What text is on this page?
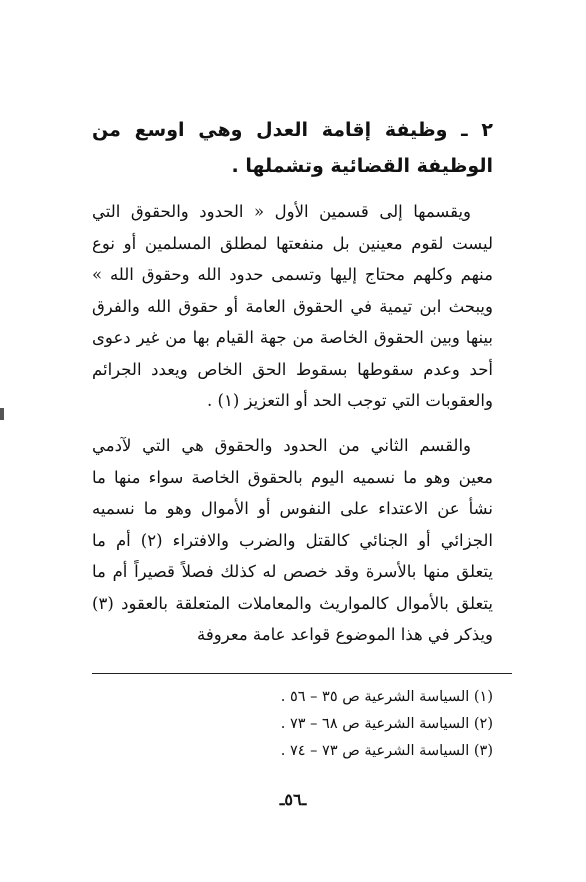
٢ ـ وظيفة إقامة العدل وهي اوسع من الوظيفة القضائية وتشملها .

ويقسمها إلى قسمين الأول « الحدود والحقوق التي ليست لقوم معينين بل منفعتها لمطلق المسلمين أو نوع منهم وكلهم محتاج إليها وتسمى حدود الله وحقوق الله » ويبحث ابن تيمية في الحقوق العامة أو حقوق الله والفرق بينها وبين الحقوق الخاصة من جهة القيام بها من غير دعوى أحد وعدم سقوطها بسقوط الحق الخاص ويعدد الجرائم والعقوبات التي توجب الحد أو التعزيز (١) .

والقسم الثاني من الحدود والحقوق هي التي لآدمي معين وهو ما نسميه اليوم بالحقوق الخاصة سواء منها ما نشأ عن الاعتداء على النفوس أو الأموال وهو ما نسميه الجزائي أو الجنائي كالقتل والضرب والافتراء (٢) أم ما يتعلق منها بالأسرة وقد خصص له كذلك فصلاً قصيراً أم ما يتعلق بالأموال كالمواريث والمعاملات المتعلقة بالعقود (٣) ويذكر في هذا الموضوع قواعد عامة معروفة

(١) السياسة الشرعية ص ٣٥ – ٥٦ .
(٢) السياسة الشرعية ص ٦٨ – ٧٣ .
(٣) السياسة الشرعية ص ٧٣ – ٧٤ .
ـ٥٦ـ
